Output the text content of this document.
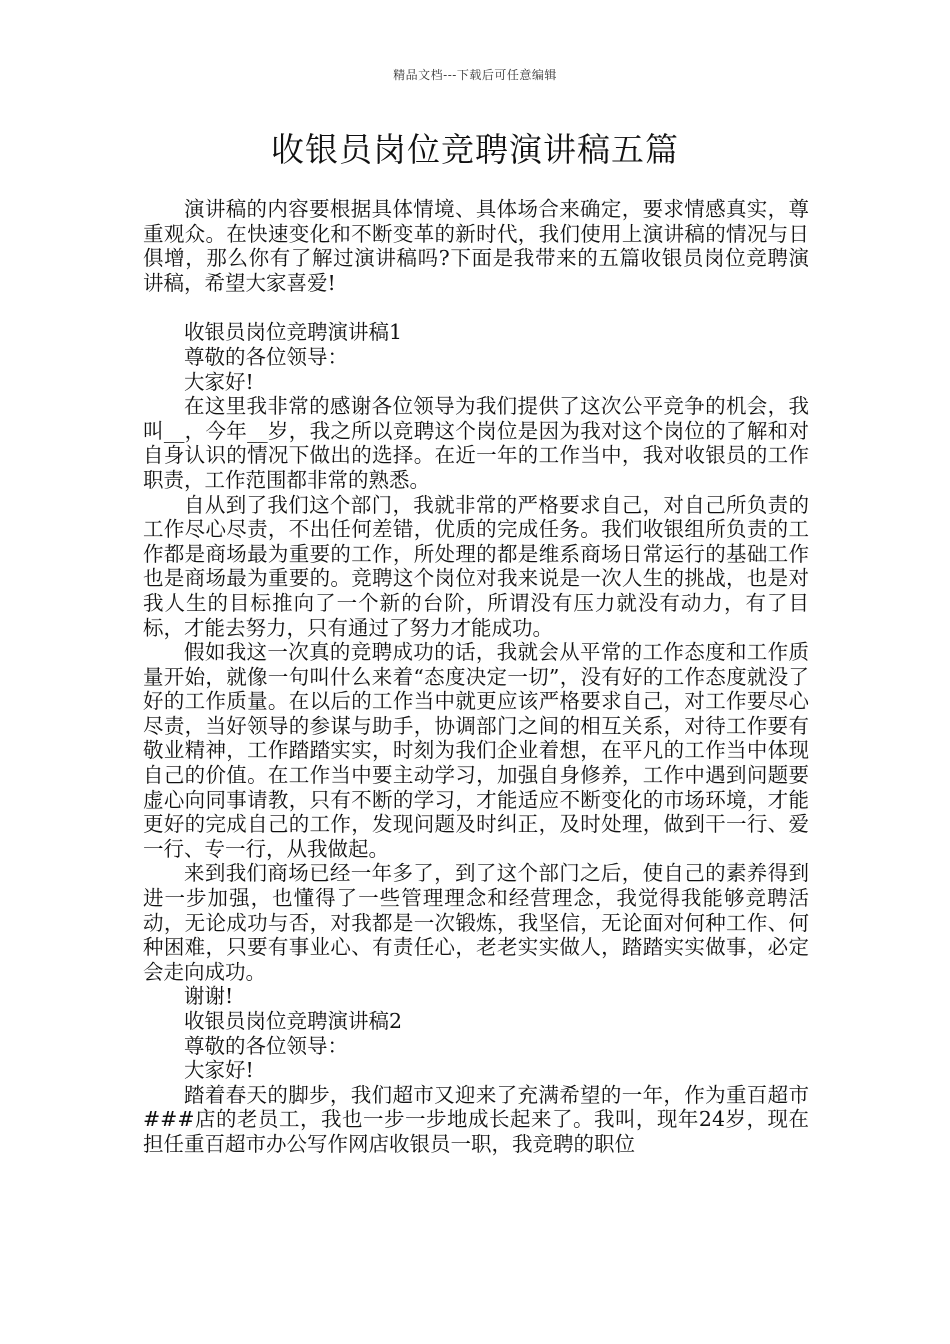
精品文档---下载后可任意编辑
收银员岗位竞聘演讲稿五篇

演讲稿的内容要根据具体情境、具体场合来确定，要求情感真实，尊重观众。在快速变化和不断变革的新时代，我们使用上演讲稿的情况与日俱增，那么你有了解过演讲稿吗?下面是我带来的五篇收银员岗位竞聘演讲稿，希望大家喜爱!

收银员岗位竞聘演讲稿1

尊敬的各位领导：

大家好!

在这里我非常的感谢各位领导为我们提供了这次公平竞争的机会，我叫__，今年__岁，我之所以竞聘这个岗位是因为我对这个岗位的了解和对自身认识的情况下做出的选择。在近一年的工作当中，我对收银员的工作职责，工作范围都非常的熟悉。

自从到了我们这个部门，我就非常的严格要求自己，对自己所负责的工作尽心尽责，不出任何差错，优质的完成任务。我们收银组所负责的工作都是商场最为重要的工作，所处理的都是维系商场日常运行的基础工作也是商场最为重要的。竞聘这个岗位对我来说是一次人生的挑战，也是对我人生的目标推向了一个新的台阶，所谓没有压力就没有动力，有了目标，才能去努力，只有通过了努力才能成功。

假如我这一次真的竞聘成功的话，我就会从平常的工作态度和工作质量开始，就像一句叫什么来着“态度决定一切”，没有好的工作态度就没了好的工作质量。在以后的工作当中就更应该严格要求自己，对工作要尽心尽责，当好领导的参谋与助手，协调部门之间的相互关系，对待工作要有敬业精神，工作踏踏实实，时刻为我们企业着想，在平凡的工作当中体现自己的价值。在工作当中要主动学习，加强自身修养，工作中遇到问题要虚心向同事请教，只有不断的学习，才能适应不断变化的市场环境，才能更好的完成自己的工作，发现问题及时纠正，及时处理，做到干一行、爱一行、专一行，从我做起。

来到我们商场已经一年多了，到了这个部门之后，使自己的素养得到进一步加强，也懂得了一些管理理念和经营理念，我觉得我能够竞聘活动，无论成功与否，对我都是一次锻炼，我坚信，无论面对何种工作、何种困难，只要有事业心、有责任心，老老实实做人，踏踏实实做事，必定会走向成功。

谢谢!

收银员岗位竞聘演讲稿2

尊敬的各位领导：

大家好!

踏着春天的脚步，我们超市又迎来了充满希望的一年，作为重百超市###店的老员工，我也一步一步地成长起来了。我叫，现年24岁，现在担任重百超市办公写作网店收银员一职，我竞聘的职位
